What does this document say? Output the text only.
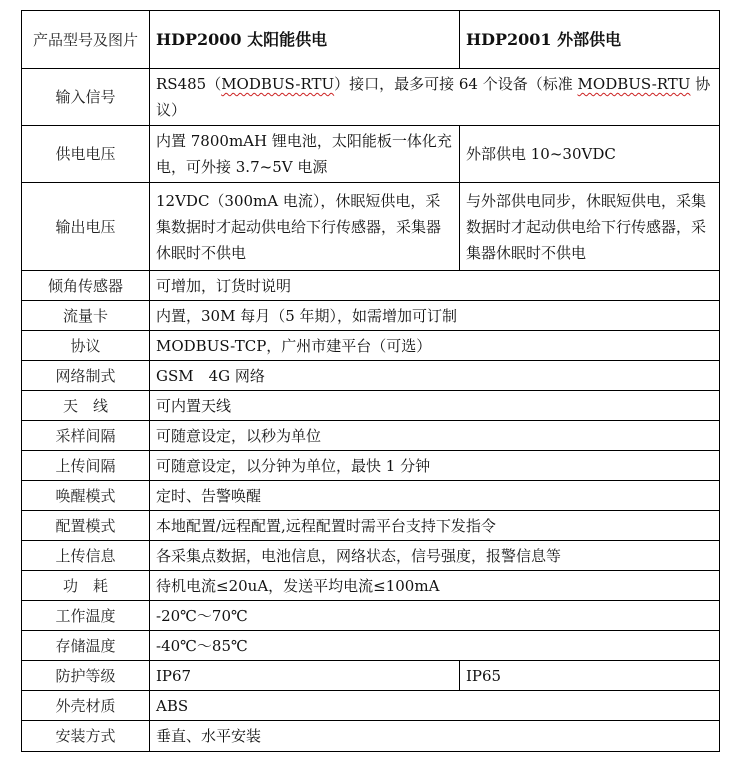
产品型号及图片	HDP2000 太阳能供电	HDP2001 外部供电
输入信号	RS485（MODBUS-RTU）接口，最多可接 64 个设备（标准 MODBUS-RTU 协议）	
供电电压	内置 7800mAH 锂电池，太阳能板一体化充电，可外接 3.7~5V 电源	外部供电 10~30VDC
输出电压	12VDC（300mA 电流），休眠短供电，采集数据时才起动供电给下行传感器，采集器休眠时不供电	与外部供电同步，休眠短供电，采集数据时才起动供电给下行传感器，采集器休眠时不供电
倾角传感器	可增加，订货时说明	
流量卡	内置，30M 每月（5 年期），如需增加可订制	
协议	MODBUS-TCP，广州市建平台（可选）	
网络制式	GSM　4G 网络	
天　线	可内置天线	
采样间隔	可随意设定，以秒为单位	
上传间隔	可随意设定，以分钟为单位，最快 1 分钟	
唤醒模式	定时、告警唤醒	
配置模式	本地配置/远程配置,远程配置时需平台支持下发指令	
上传信息	各采集点数据，电池信息，网络状态，信号强度，报警信息等	
功　耗	待机电流≤20uA，发送平均电流≤100mA	
工作温度	-20℃～70℃	
存储温度	-40℃～85℃	
防护等级	IP67	IP65
外壳材质	ABS	
安装方式	垂直、水平安装	
